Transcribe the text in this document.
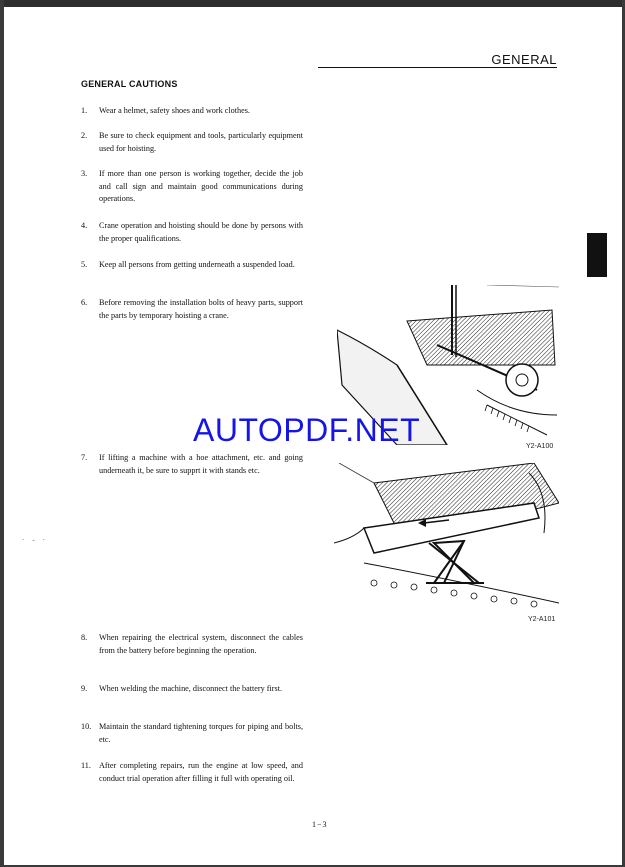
GENERAL
GENERAL CAUTIONS
1. Wear a helmet, safety shoes and work clothes.
2. Be sure to check equipment and tools, particularly equipment used for hoisting.
3. If more than one person is working together, decide the job and call sign and maintain good communications during operations.
4. Crane operation and hoisting should be done by persons with the proper qualifications.
5. Keep all persons from getting underneath a suspended load.
6. Before removing the installation bolts of heavy parts, support the parts by temporary hoisting a crane.
7. If lifting a machine with a hoe attachment, etc. and going underneath it, be sure to supprt it with stands etc.
8. When repairing the electrical system, disconnect the cables from the battery before beginning the operation.
9. When welding the machine, disconnect the battery first.
10. Maintain the standard tightening torques for piping and bolts, etc.
11. After completing repairs, run the engine at low speed, and conduct trial operation after filling it full with operating oil.
·‐·
Y2-A100
Y2-A101
AUTOPDF.NET
1−3
